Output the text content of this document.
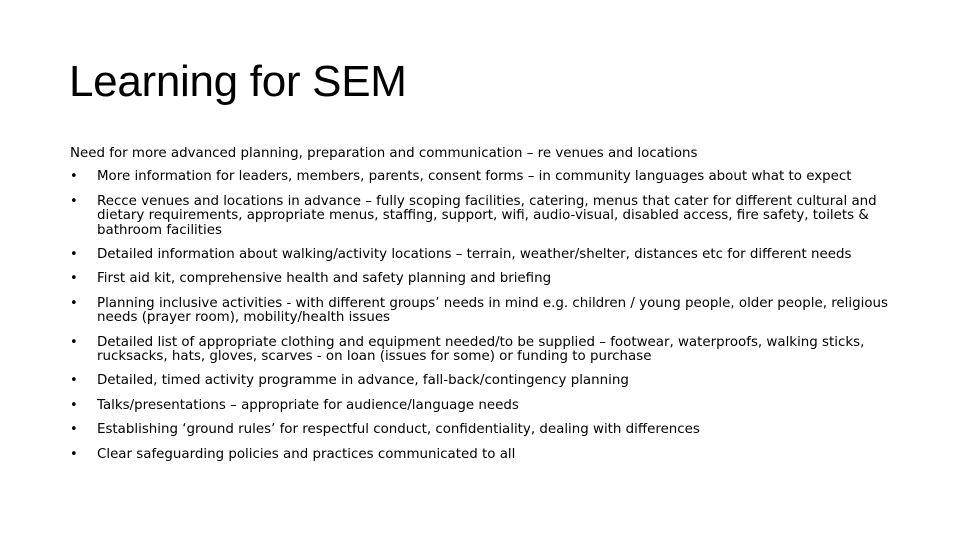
Learning for SEM

Need for more advanced planning, preparation and communication – re venues and locations

• More information for leaders, members, parents, consent forms – in community languages about what to expect
• Recce venues and locations in advance – fully scoping facilities, catering, menus that cater for different cultural and dietary requirements, appropriate menus, staffing, support, wifi, audio-visual, disabled access, fire safety, toilets & bathroom facilities
• Detailed information about walking/activity locations – terrain, weather/shelter, distances etc for different needs
• First aid kit, comprehensive health and safety planning and briefing
• Planning inclusive activities - with different groups’ needs in mind e.g. children / young people, older people, religious needs (prayer room), mobility/health issues
• Detailed list of appropriate clothing and equipment needed/to be supplied – footwear, waterproofs, walking sticks, rucksacks, hats, gloves, scarves - on loan (issues for some) or funding to purchase
• Detailed, timed activity programme in advance, fall-back/contingency planning
• Talks/presentations – appropriate for audience/language needs
• Establishing ‘ground rules’ for respectful conduct, confidentiality, dealing with differences
• Clear safeguarding policies and practices communicated to all
